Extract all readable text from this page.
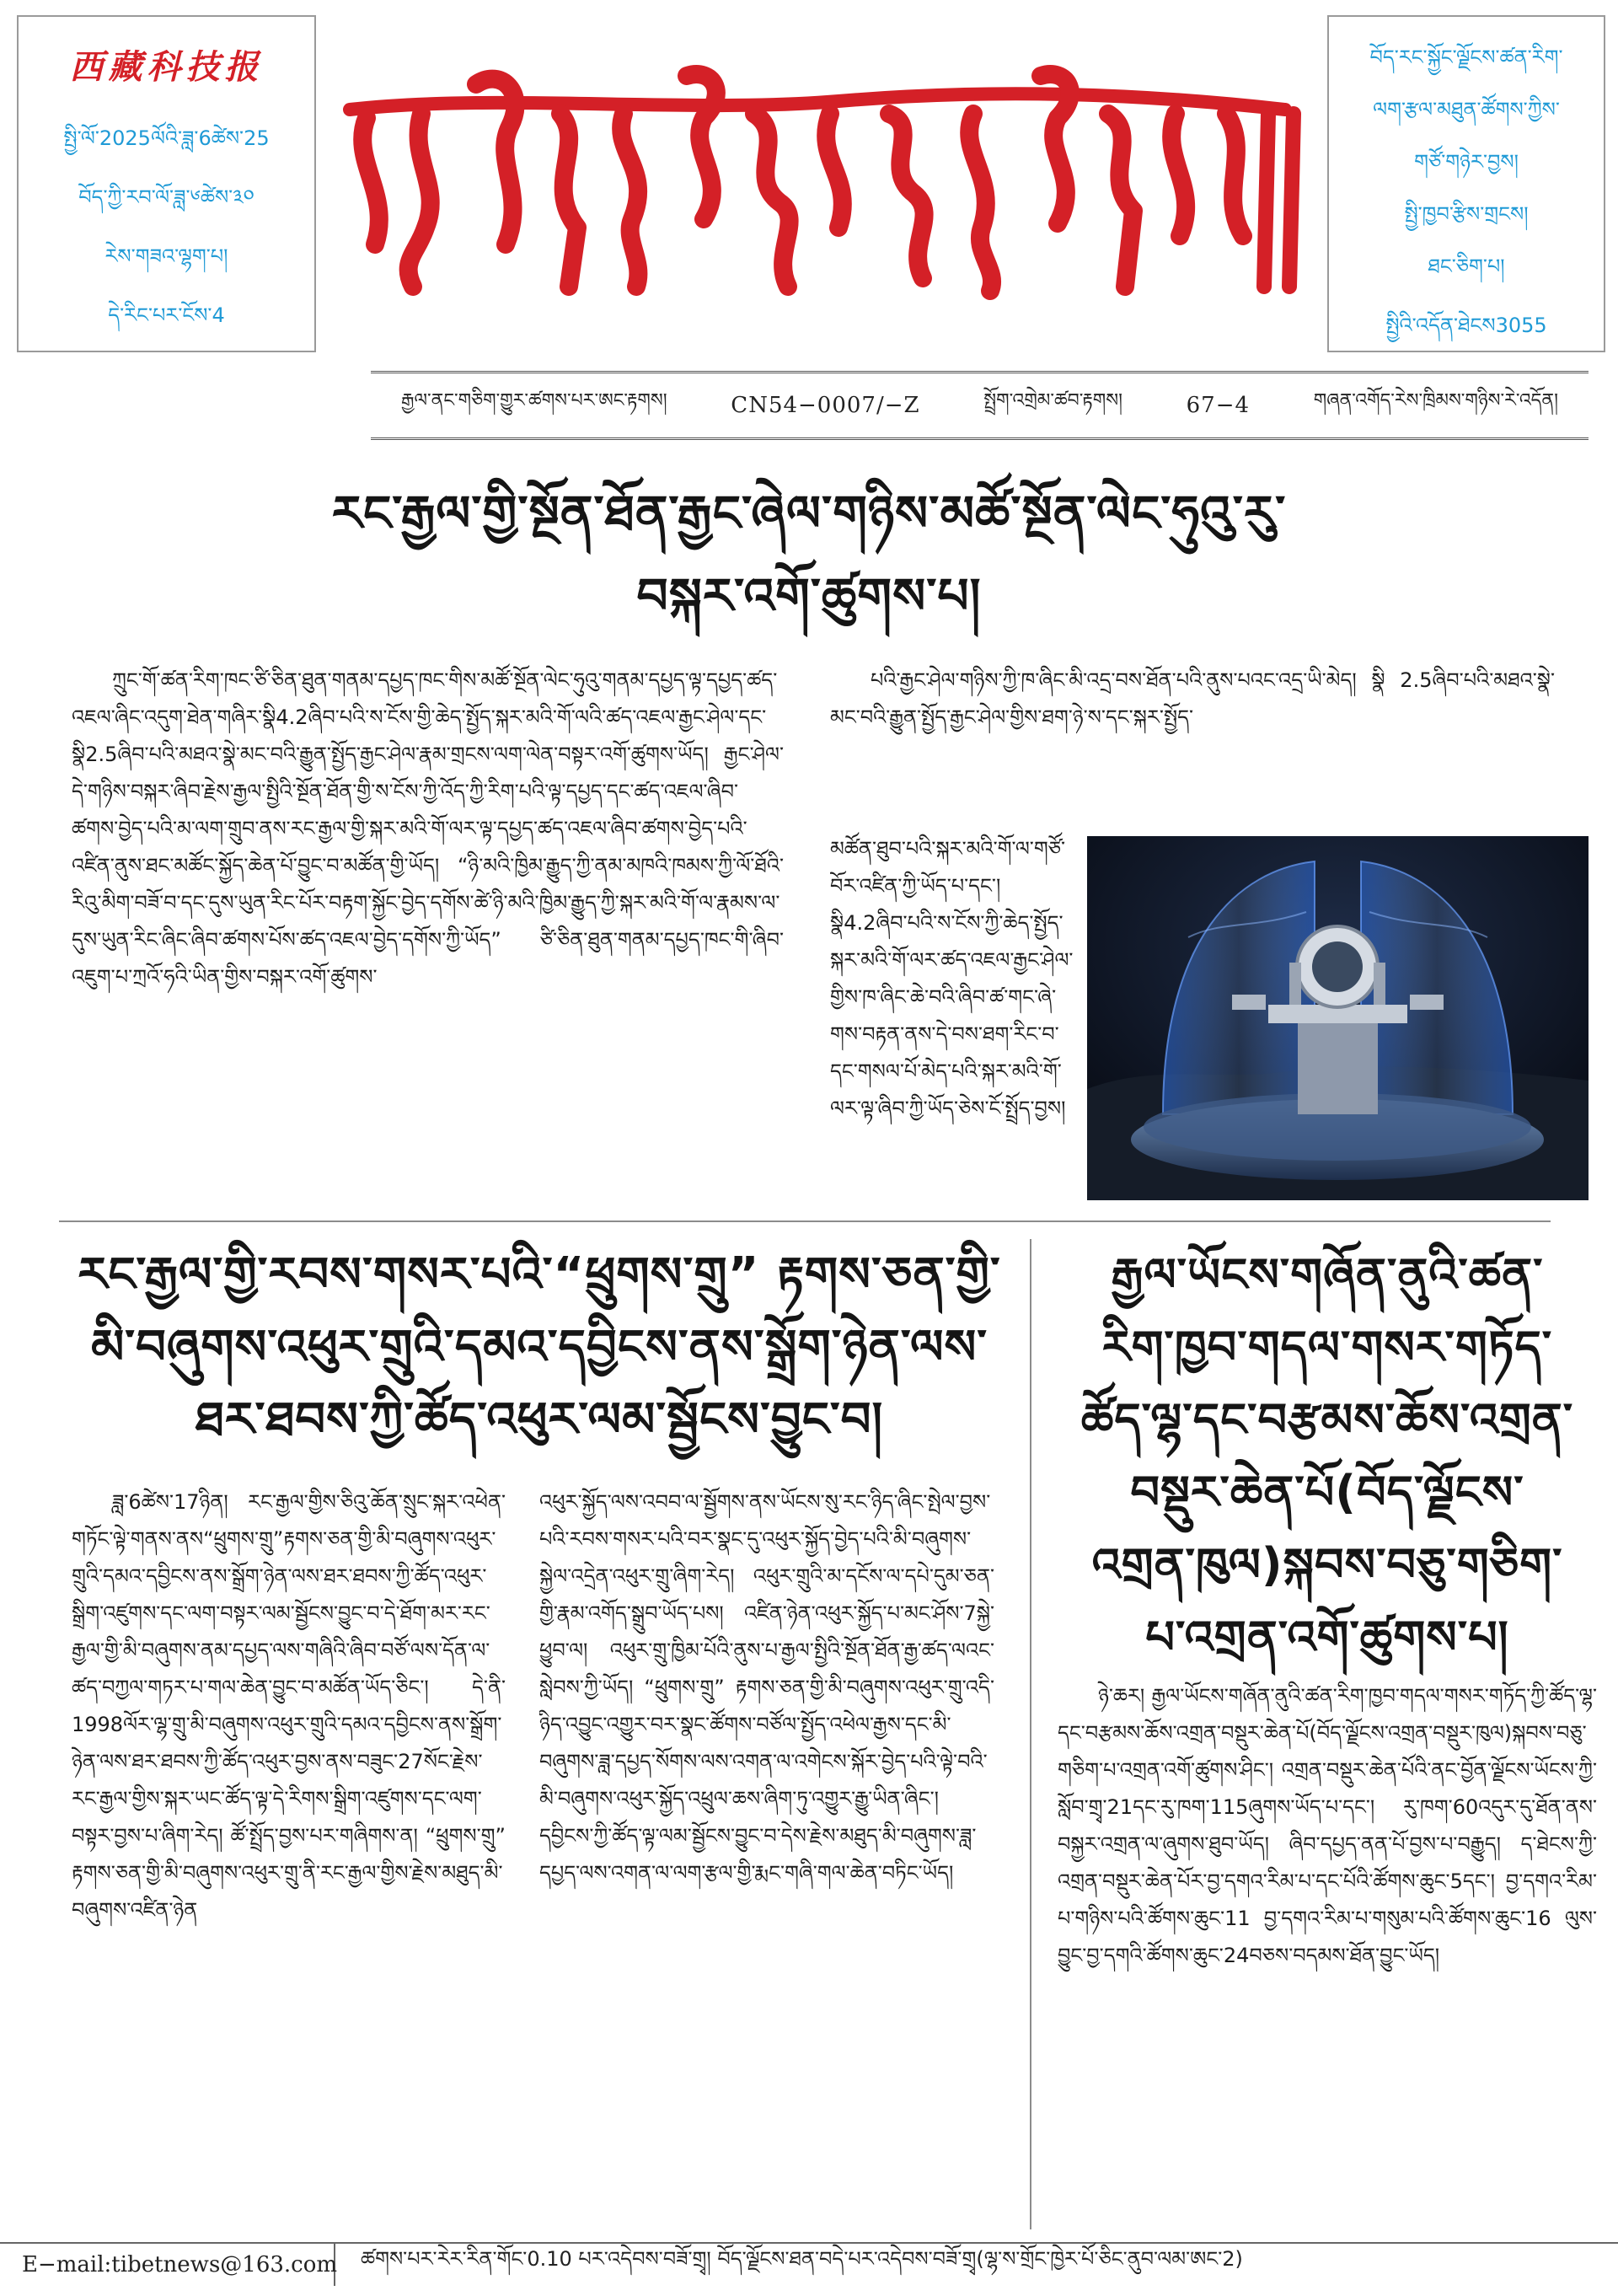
西藏科技报
སྤྱི་ལོ་2025ལོའི་ཟླ་6ཚེས་25
བོད་ཀྱི་རབ་ལོ་ཟླ་༦ཚེས་༣༠
རེས་གཟའ་ལྷག་པ།
དེ་རིང་པར་ངོས་4
བོད་རང་སྐྱོང་ལྗོངས་ཚན་རིག་
ལག་རྩལ་མཐུན་ཚོགས་ཀྱིས་
གཙོ་གཉེར་བྱས།
སྤྱི་ཁྱབ་རྩིས་གྲངས།
ཐང་ཅིག་པ།
སྤྱིའི་འདོན་ཐེངས3055
རྒྱལ་ནང་གཅིག་གྱུར་ཚགས་པར་ཨང་རྟགས།	CN54−0007/−Z	སྤྲོག་འགྲེམ་ཚབ་རྟགས།	67−4	གཞན་འགོད་རེས་ཁྲིམས་གཉིས་རེ་འདོན།
རང་རྒྱལ་གྱི་སྔོན་ཐོན་རྒྱང་ཞེལ་གཉིས་མཚོ་སྔོན་ལེང་ཧུའུ་རུ་
བསྐར་འགོ་ཚུགས་པ།
ཀྲུང་གོ་ཚན་རིག་ཁང་ཙི་ཅིན་ཐུན་གནམ་དཔྱད་ཁང་གིས་མཚོ་སྔོན་ལེང་ཧུའུ་གནམ་དཔྱད་ལྟ་དཔྱད་ཚད་འཇལ་ཞིང་འདུག་ཐེན་གཞིར་སྣི4.2ཞིབ་པའི་ས་ངོས་གྱི་ཆེད་སྤྱོད་སྐར་མའི་གོ་ལའི་ཚད་འཇལ་རྒྱང་ཤེལ་དང་སྣི2.5ཞིབ་པའི་མཐའ་སྣེ་མང་བའི་རྒྱུན་སྤྱོད་རྒྱང་ཤེལ་རྣམ་གྲངས་ལག་ལེན་བསྟར་འགོ་ཚུགས་ཡོད། རྒྱང་ཤེལ་དེ་གཉིས་བསྐར་ཞིབ་རྗེས་རྒྱལ་སྤྱིའི་སྔོན་ཐོན་གྱི་ས་ངོས་ཀྱི་འོད་ཀྱི་རིག་པའི་ལྟ་དཔྱད་དང་ཚད་འཇལ་ཞིབ་ཚགས་བྱེད་པའི་མ་ལག་གྲུབ་ནས་རང་རྒྱལ་གྱི་སྐར་མའི་གོ་ལར་ལྟ་དཔྱད་ཚད་འཇལ་ཞིབ་ཚགས་བྱེད་པའི་འཛིན་ནུས་ཐང་མཚོང་སྐྱོད་ཆེན་པོ་བྱུང་བ་མཚོན་གྱི་ཡོད། “ཉི་མའི་ཁྱིམ་རྒྱུད་ཀྱི་ནམ་མཁའི་ཁམས་ཀྱི་ལོ་ཐོའི་རིའུ་མིག་བཟོ་བ་དང་དུས་ཡུན་རིང་པོར་བརྟག་སྐྱོང་བྱེད་དགོས་ཚེ་ཉི་མའི་ཁྱིམ་རྒྱུད་ཀྱི་སྐར་མའི་གོ་ལ་རྣམས་ལ་དུས་ཡུན་རིང་ཞིང་ཞིབ་ཚགས་པོས་ཚད་འཇལ་བྱེད་དགོས་ཀྱི་ཡོད” ཙི་ཅིན་ཐུན་གནམ་དཔྱད་ཁང་གི་ཞིབ་འཇུག་པ་ཀྲའོ་ཧའི་ཡིན་གྱིས་བསྐར་འགོ་ཚུགས་
པའི་རྒྱང་ཤེལ་གཉིས་ཀྱི་ཁ་ཞིང་མི་འདྲ་བས་ཐོན་པའི་ནུས་པའང་འདྲ་ཡི་མེད། སྣི 2.5ཞིབ་པའི་མཐའ་སྣེ་མང་བའི་རྒྱུན་སྤྱོད་རྒྱང་ཤེལ་གྱིས་ཐག་ཉེ་ས་དང་སྐར་སྤྱོད་
མཚོན་ཐུབ་པའི་སྐར་མའི་གོ་ལ་གཙོ་བོར་འཛིན་ཀྱི་ཡོད་པ་དང་། སྣི4.2ཞིབ་པའི་ས་ངོས་ཀྱི་ཆེད་སྤྱོད་སྐར་མའི་གོ་ལར་ཚད་འཇལ་རྒྱང་ཤེལ་གྱིས་ཁ་ཞིང་ཆེ་བའི་ཞིབ་ཚ་གང་ཞེ་གས་བརྟན་ནས་དེ་བས་ཐག་རིང་བ་དང་གསལ་པོ་མེད་པའི་སྐར་མའི་གོ་ལར་ལྟ་ཞིབ་ཀྱི་ཡོད་ཅེས་ངོ་སྤྲོད་བྱས།
རང་རྒྱལ་གྱི་རབས་གསར་པའི་“ཕྲུགས་གྲུ” རྟགས་ཅན་གྱི་
མི་བཞུགས་འཕུར་གྲུའི་དམའ་དབྱིངས་ནས་སྒྲོག་ཉེན་ལས་
ཐར་ཐབས་ཀྱི་ཚོད་འཕུར་ལམ་སྦྱོངས་བྱུང་བ།
ཟླ་6ཚེས་17ཉིན། རང་རྒྱལ་གྱིས་ཅིའུ་ཆོན་སྲུང་སྐར་འཕེན་གཏོང་ལྟེ་གནས་ནས“ཕྲུགས་གྲུ”རྟགས་ཅན་གྱི་མི་བཞུགས་འཕུར་གྲུའི་དམའ་དབྱིངས་ནས་སྒྲོག་ཉེན་ལས་ཐར་ཐབས་ཀྱི་ཚོད་འཕུར་སྒྲིག་འཛུགས་དང་ལག་བསྟར་ལམ་སྦྱོངས་བྱུང་བ་དེ་ཐོག་མར་རང་རྒྱལ་གྱི་མི་བཞུགས་ནམ་དཔྱད་ལས་གཞིའི་ཞིབ་བཙོ་ལས་དོན་ལ་ཚད་བཀྱལ་གཏར་པ་གལ་ཆེན་བྱུང་བ་མཚོན་ཡོད་ཅིང་། དེ་ནི་1998ལོར་ལྷ་གྲུ་མི་བཞུགས་འཕུར་གྲུའི་དམའ་དབྱིངས་ནས་སྒྲོག་ཉེན་ལས་ཐར་ཐབས་ཀྱི་ཚོད་འཕུར་བྱས་ནས་བཟུང་27སོང་རྗེས་རང་རྒྱལ་གྱིས་སྐར་ཡང་ཚོད་ལྟ་དེ་རིགས་སྒྲིག་འཛུགས་དང་ལག་བསྟར་བྱས་པ་ཞིག་རེད། ཚོ་སྤྲོད་བྱས་པར་གཞིགས་ན། “ཕྲུགས་གྲུ” རྟགས་ཅན་གྱི་མི་བཞུགས་འཕུར་གྲུ་ནི་རང་རྒྱལ་གྱིས་རྗེས་མཐུད་མི་བཞུགས་འཛིན་ཉེན
འཕུར་སྐྱོད་ལས་འབབ་ལ་སྦྱོགས་ནས་ཡོངས་སུ་རང་ཉིད་ཞིང་སྤེལ་བྱས་པའི་རབས་གསར་པའི་བར་སྣང་དུ་འཕུར་སྐྱོད་བྱེད་པའི་མི་བཞུགས་སྐྱེལ་འདྲེན་འཕུར་གྲུ་ཞིག་རེད། འཕུར་གྲུའི་མ་དངོས་ལ་དཔེ་དུམ་ཅན་གྱི་རྣམ་འགོད་སྒྲུབ་ཡོད་པས། འཛིན་ཉེན་འཕུར་སྐྱོད་པ་མང་ཤོས་7སྐྱེ་ཕྱུབ་ལ། འཕུར་གྲུ་ཁྱིམ་པོའི་ནུས་པ་རྒྱལ་སྤྱིའི་སྔོན་ཐོན་རྒྱ་ཚད་ལའང་སླེབས་ཀྱི་ཡོད། “ཕྲུགས་གྲུ” རྟགས་ཅན་གྱི་མི་བཞུགས་འཕུར་གྲུ་འདི་ཉིད་འབྱུང་འགྱུར་བར་སྣང་ཚོགས་བཙོལ་སྤྱོད་འཕེལ་རྒྱས་དང་མི་བཞུགས་ཟླ་དཔྱད་སོགས་ལས་འགན་ལ་འགེངས་སྐོར་བྱེད་པའི་ལྟེ་བའི་མི་བཞུགས་འཕུར་སྐྱོད་འཕྲུལ་ཆས་ཞིག་ཏུ་འགྱུར་རྒྱུ་ཡིན་ཞིང་། དབྱིངས་ཀྱི་ཚོད་ལྟ་ལམ་སྦྱོངས་བྱུང་བ་དེས་རྗེས་མཐུད་མི་བཞུགས་ཟླ་དཔྱད་ལས་འགན་ལ་ལག་རྩལ་གྱི་རྨང་གཞི་གལ་ཆེན་བཏིང་ཡོད།
རྒྱལ་ཡོངས་གཞོན་ནུའི་ཚན་
རིག་ཁྱབ་གདལ་གསར་གཏོད་
ཚོད་ལྷ་དང་བརྩམས་ཆོས་འགྲན་
བསྡུར་ཆེན་པོ(བོད་ལྗོངས་
འགྲན་ཁུལ)སྐབས་བཅུ་གཅིག་
པ་འགྲན་འགོ་ཚུགས་པ།
ཉེ་ཆར། རྒྱལ་ཡོངས་གཞོན་ནུའི་ཚན་རིག་ཁྱབ་གདལ་གསར་གཏོད་ཀྱི་ཚོད་ལྷ་དང་བརྩམས་ཆོས་འགྲན་བསྡུར་ཆེན་པོ(བོད་ལྗོངས་འགྲན་བསྡུར་ཁུལ)སྐབས་བཅུ་གཅིག་པ་འགྲན་འགོ་ཚུགས་ཤིང་། འགྲན་བསྡུར་ཆེན་པོའི་ནང་བྱོན་ལྗོངས་ཡོངས་ཀྱི་སློབ་གྲྭ་21དང་རུ་ཁག་115ཞུགས་ཡོད་པ་དང་། རུ་ཁག་60འདུར་དུ་ཐོན་ནས་བསྐྱར་འགྲན་ལ་ཞུགས་ཐུབ་ཡོད། ཞིབ་དཔྱད་ནན་པོ་བྱས་པ་བརྒྱུད། ད་ཐེངས་ཀྱི་འགྲན་བསྡུར་ཆེན་པོར་བྱ་དགའ་རིམ་པ་དང་པོའི་ཚོགས་ཆུང་5དང་། བྱ་དགའ་རིམ་པ་གཉིས་པའི་ཚོགས་ཆུང་11 བྱ་དགའ་རིམ་པ་གསུམ་པའི་ཚོགས་ཆུང་16 ལུས་བྱུང་བྱ་དགའི་ཚོགས་ཆུང་24བཅས་བདམས་ཐོན་བྱུང་ཡོད།
E−mail:tibetnews@163.com	ཚགས་པར་རེར་རིན་གོང་0.10 པར་འདེབས་བཟོ་གྲྭ། བོད་ལྗོངས་ཐན་བདེ་པར་འདེབས་བཟོ་གྲྭ(ལྷ་ས་གྲོང་ཁྱེར་པོ་ཅིང་ནུབ་ལམ་ཨང་2)
